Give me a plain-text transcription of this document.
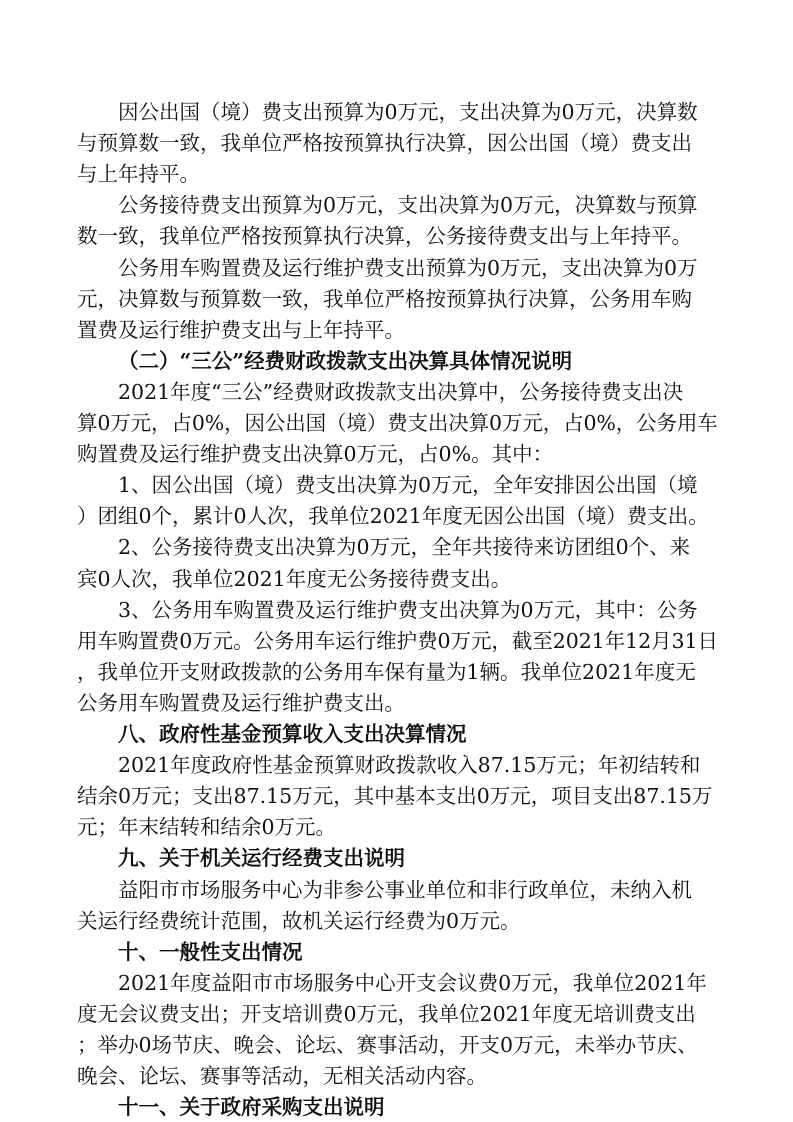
因公出国（境）费支出预算为0万元，支出决算为0万元，决算数
与预算数一致，我单位严格按预算执行决算，因公出国（境）费支出
与上年持平。
公务接待费支出预算为0万元，支出决算为0万元，决算数与预算
数一致，我单位严格按预算执行决算，公务接待费支出与上年持平。
公务用车购置费及运行维护费支出预算为0万元，支出决算为0万
元，决算数与预算数一致，我单位严格按预算执行决算，公务用车购
置费及运行维护费支出与上年持平。
（二）“三公”经费财政拨款支出决算具体情况说明
2021年度“三公”经费财政拨款支出决算中，公务接待费支出决
算0万元，占0%，因公出国（境）费支出决算0万元，占0%，公务用车
购置费及运行维护费支出决算0万元，占0%。其中：
1、因公出国（境）费支出决算为0万元，全年安排因公出国（境
）团组0个，累计0人次，我单位2021年度无因公出国（境）费支出。
2、公务接待费支出决算为0万元，全年共接待来访团组0个、来
宾0人次，我单位2021年度无公务接待费支出。
3、公务用车购置费及运行维护费支出决算为0万元，其中：公务
用车购置费0万元。公务用车运行维护费0万元，截至2021年12月31日
，我单位开支财政拨款的公务用车保有量为1辆。我单位2021年度无
公务用车购置费及运行维护费支出。
八、政府性基金预算收入支出决算情况
2021年度政府性基金预算财政拨款收入87.15万元；年初结转和
结余0万元；支出87.15万元，其中基本支出0万元，项目支出87.15万
元；年末结转和结余0万元。
九、关于机关运行经费支出说明
益阳市市场服务中心为非参公事业单位和非行政单位，未纳入机
关运行经费统计范围，故机关运行经费为0万元。
十、一般性支出情况
2021年度益阳市市场服务中心开支会议费0万元，我单位2021年
度无会议费支出；开支培训费0万元，我单位2021年度无培训费支出
；举办0场节庆、晚会、论坛、赛事活动，开支0万元，未举办节庆、
晚会、论坛、赛事等活动，无相关活动内容。
十一、关于政府采购支出说明
